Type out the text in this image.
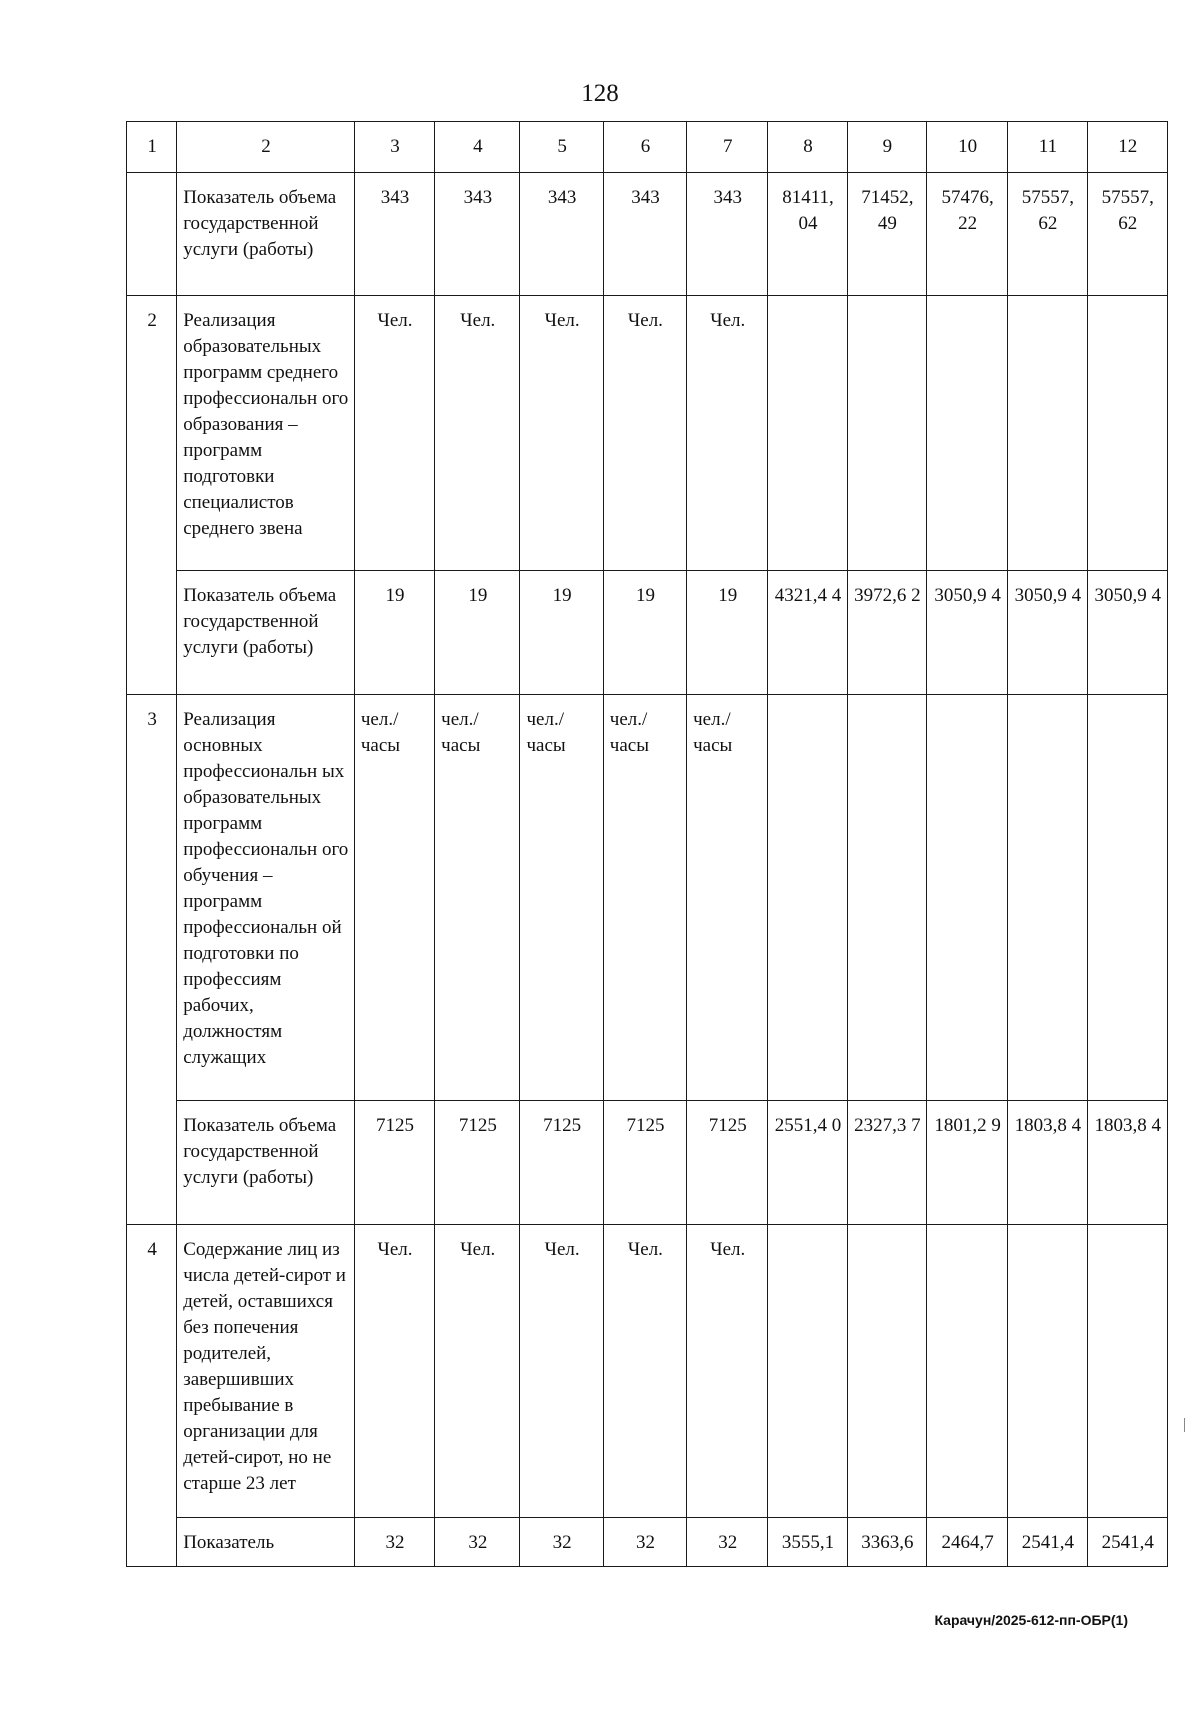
128
1	2	3	4	5	6	7	8	9	10	11	12
	Показатель объема государственной услуги (работы)	343	343	343	343	343	81411, 04	71452, 49	57476, 22	57557, 62	57557, 62
2	Реализация образовательных программ среднего профессиональн ого образования – программ подготовки специалистов среднего звена	Чел.	Чел.	Чел.	Чел.	Чел.					
	Показатель объема государственной услуги (работы)	19	19	19	19	19	4321,4 4	3972,6 2	3050,9 4	3050,9 4	3050,9 4
3	Реализация основных профессиональн ых образовательных программ профессиональн ого обучения – программ профессиональн ой подготовки по профессиям рабочих, должностям служащих	чел./ часы	чел./ часы	чел./ часы	чел./ часы	чел./ часы					
	Показатель объема государственной услуги (работы)	7125	7125	7125	7125	7125	2551,4 0	2327,3 7	1801,2 9	1803,8 4	1803,8 4
4	Содержание лиц из числа детей-сирот и детей, оставшихся без попечения родителей, завершивших пребывание в организации для детей-сирот, но не старше 23 лет	Чел.	Чел.	Чел.	Чел.	Чел.					
	Показатель	32	32	32	32	32	3555,1	3363,6	2464,7	2541,4	2541,4
Карачун/2025-612-пп-ОБР(1)
